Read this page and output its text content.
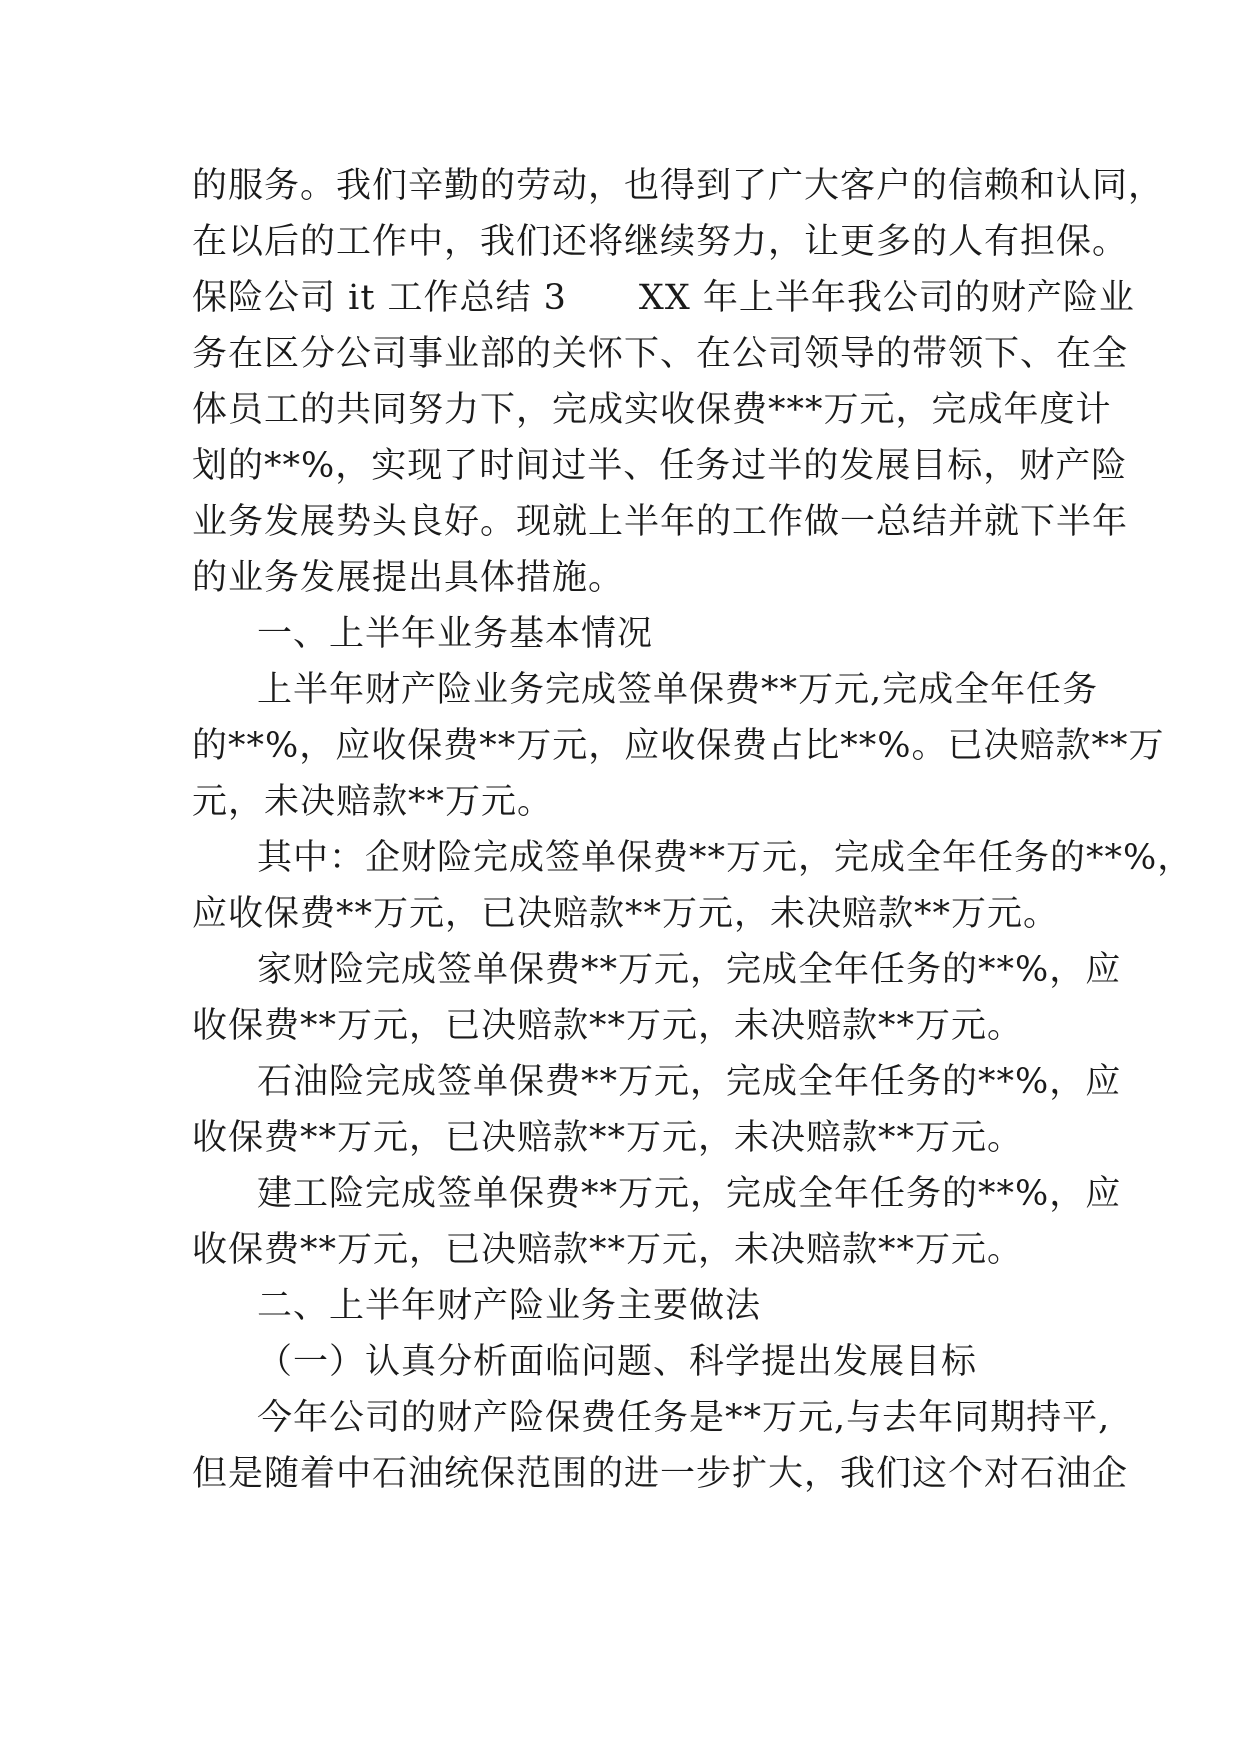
的服务。我们辛勤的劳动，也得到了广大客户的信赖和认同，
在以后的工作中，我们还将继续努力，让更多的人有担保。
保险公司 it 工作总结 3　　XX 年上半年我公司的财产险业
务在区分公司事业部的关怀下、在公司领导的带领下、在全
体员工的共同努力下，完成实收保费***万元，完成年度计
划的**%，实现了时间过半、任务过半的发展目标，财产险
业务发展势头良好。现就上半年的工作做一总结并就下半年
的业务发展提出具体措施。
一、上半年业务基本情况
上半年财产险业务完成签单保费**万元,完成全年任务
的**%，应收保费**万元，应收保费占比**%。已决赔款**万
元，未决赔款**万元。
其中：企财险完成签单保费**万元，完成全年任务的**%，
应收保费**万元，已决赔款**万元，未决赔款**万元。
家财险完成签单保费**万元，完成全年任务的**%，应
收保费**万元，已决赔款**万元，未决赔款**万元。
石油险完成签单保费**万元，完成全年任务的**%，应
收保费**万元，已决赔款**万元，未决赔款**万元。
建工险完成签单保费**万元，完成全年任务的**%，应
收保费**万元，已决赔款**万元，未决赔款**万元。
二、上半年财产险业务主要做法
（一）认真分析面临问题、科学提出发展目标
今年公司的财产险保费任务是**万元,与去年同期持平,
但是随着中石油统保范围的进一步扩大，我们这个对石油企
